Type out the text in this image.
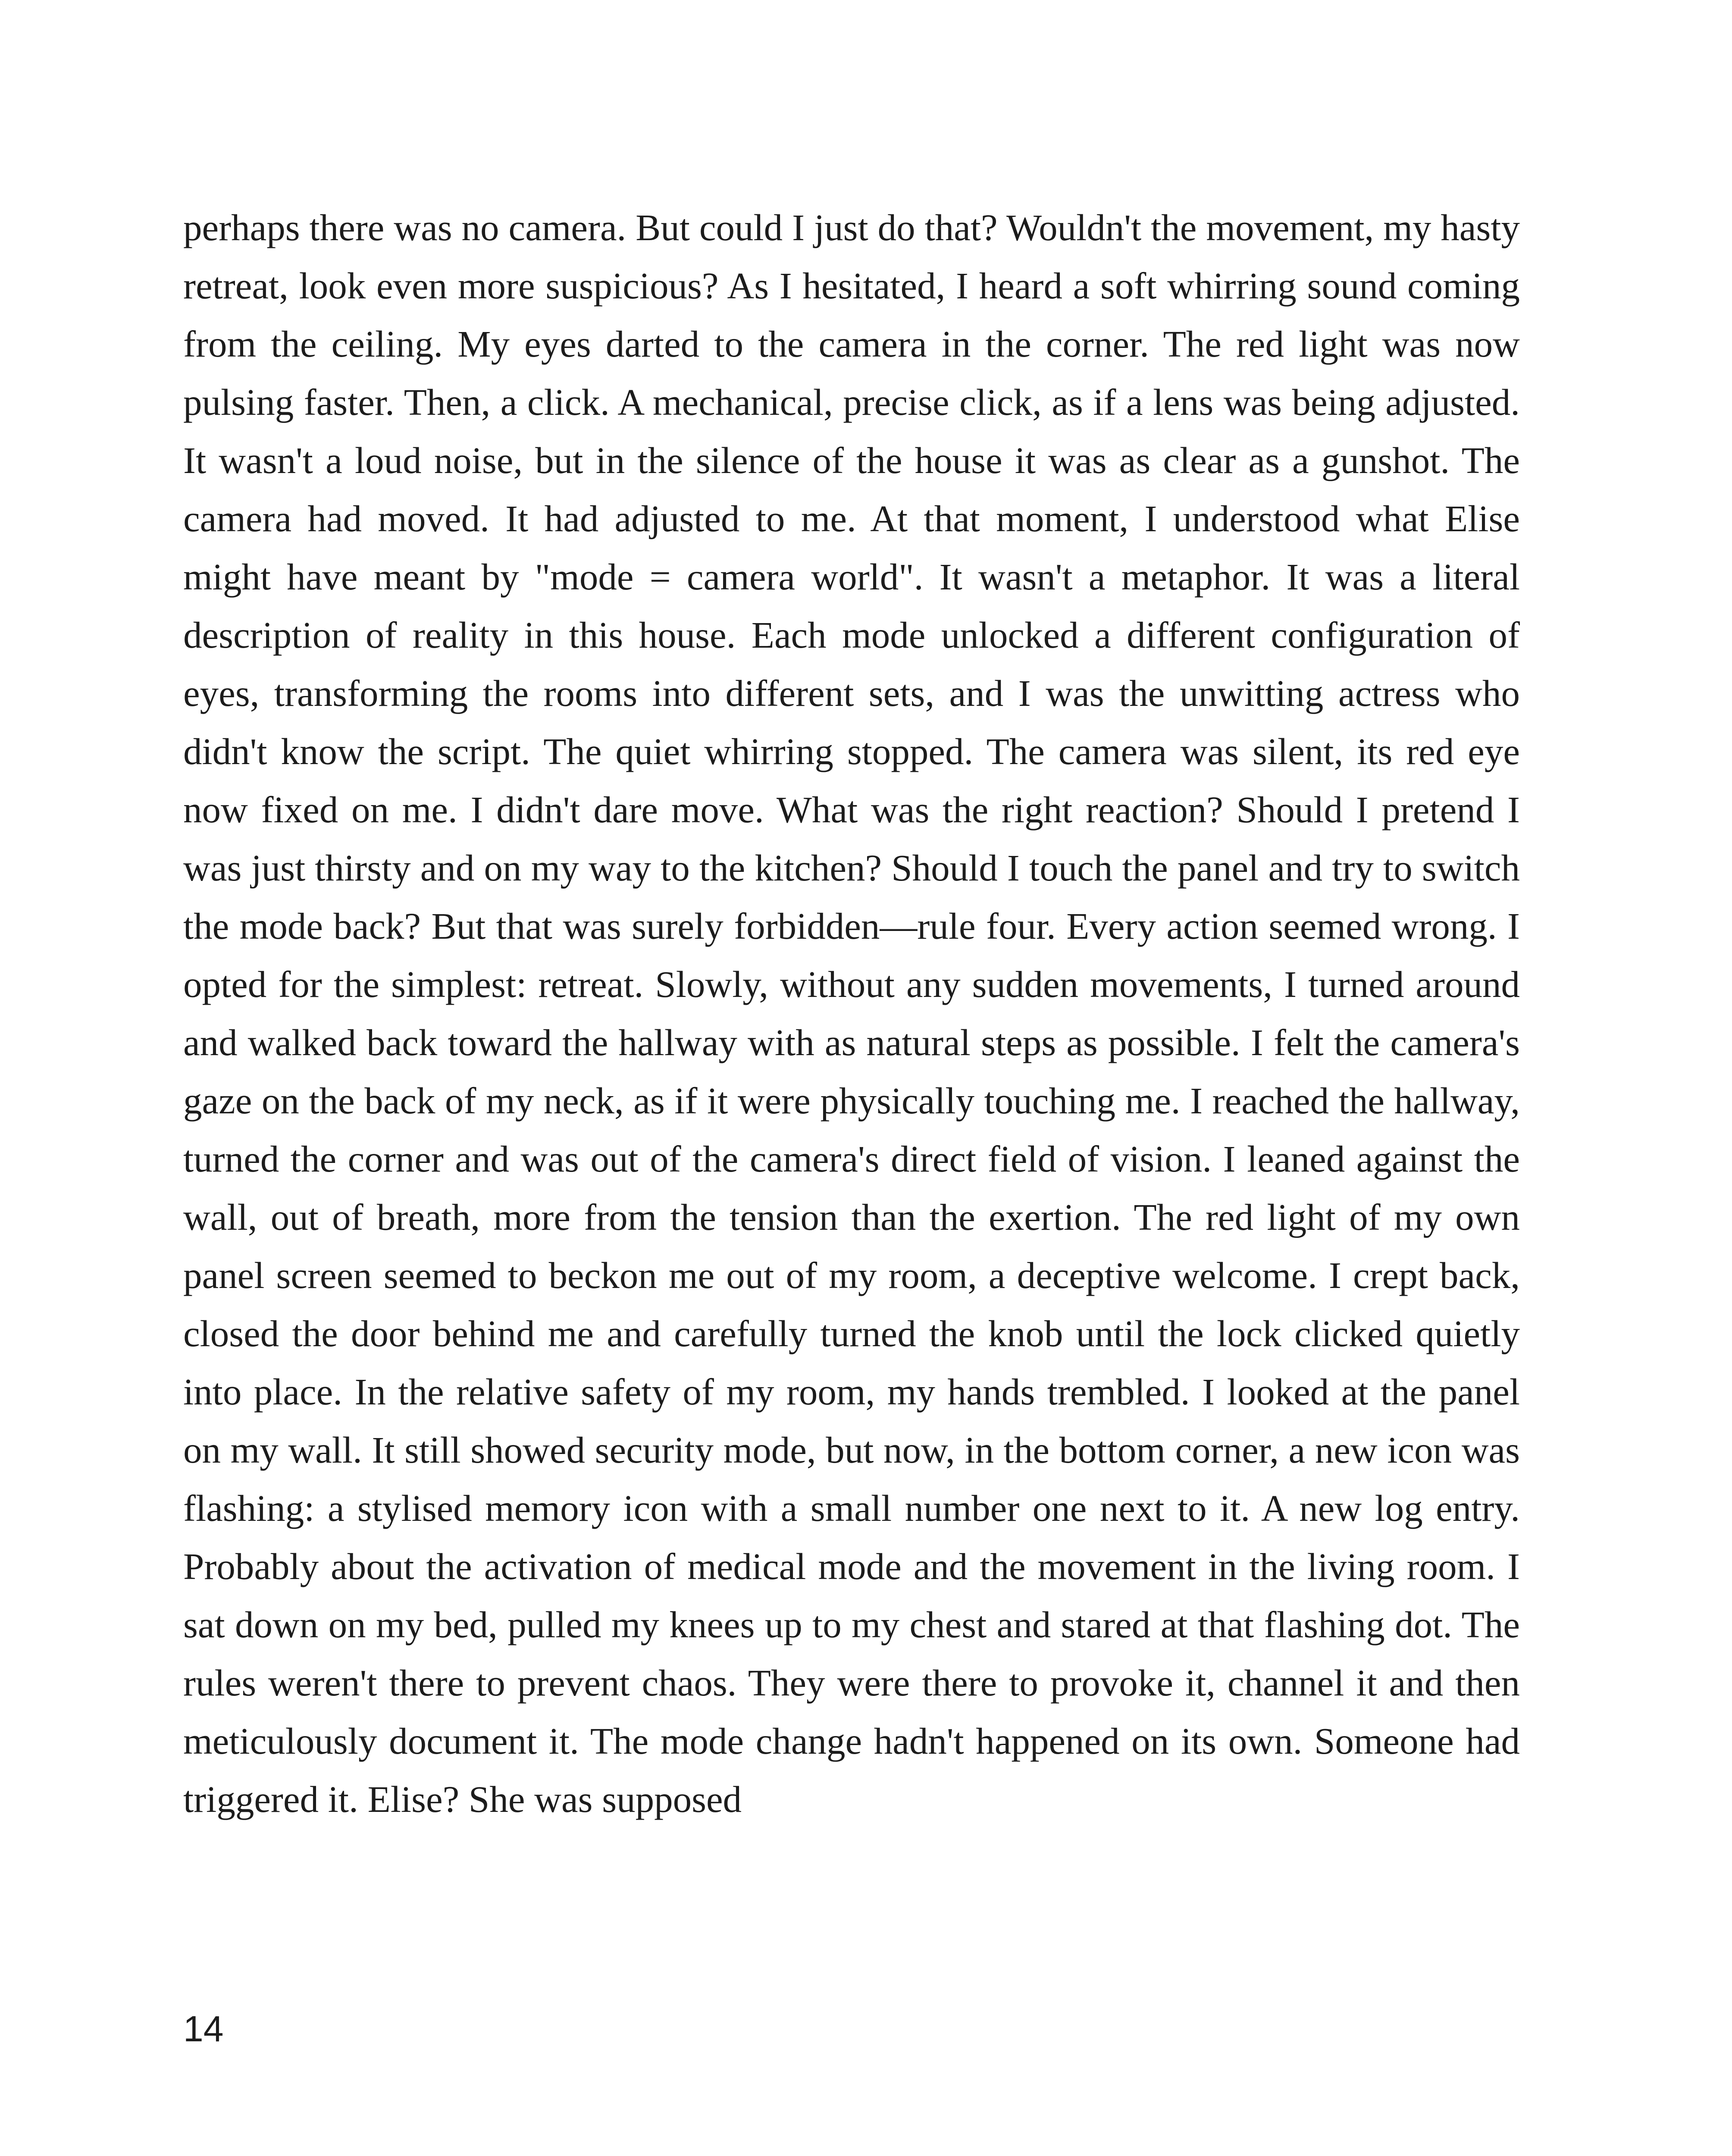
perhaps there was no camera. But could I just do that? Wouldn't the movement, my hasty retreat, look even more suspicious? As I hesitated, I heard a soft whirring sound coming from the ceiling. My eyes darted to the camera in the corner. The red light was now pulsing faster. Then, a click. A mechanical, precise click, as if a lens was being adjusted. It wasn't a loud noise, but in the silence of the house it was as clear as a gunshot. The camera had moved. It had adjusted to me. At that moment, I understood what Elise might have meant by "mode = camera world". It wasn't a metaphor. It was a literal description of reality in this house. Each mode unlocked a different configuration of eyes, transforming the rooms into different sets, and I was the unwitting actress who didn't know the script. The quiet whirring stopped. The camera was silent, its red eye now fixed on me. I didn't dare move. What was the right reaction? Should I pretend I was just thirsty and on my way to the kitchen? Should I touch the panel and try to switch the mode back? But that was surely forbidden—rule four. Every action seemed wrong. I opted for the simplest: retreat. Slowly, without any sudden movements, I turned around and walked back toward the hallway with as natural steps as possible. I felt the camera's gaze on the back of my neck, as if it were physically touching me. I reached the hallway, turned the corner and was out of the camera's direct field of vision. I leaned against the wall, out of breath, more from the tension than the exertion. The red light of my own panel screen seemed to beckon me out of my room, a deceptive welcome. I crept back, closed the door behind me and carefully turned the knob until the lock clicked quietly into place. In the relative safety of my room, my hands trembled. I looked at the panel on my wall. It still showed security mode, but now, in the bottom corner, a new icon was flashing: a stylised memory icon with a small number one next to it. A new log entry. Probably about the activation of medical mode and the movement in the living room. I sat down on my bed, pulled my knees up to my chest and stared at that flashing dot. The rules weren't there to prevent chaos. They were there to provoke it, channel it and then meticulously document it. The mode change hadn't happened on its own. Someone had triggered it. Elise? She was supposed

14
